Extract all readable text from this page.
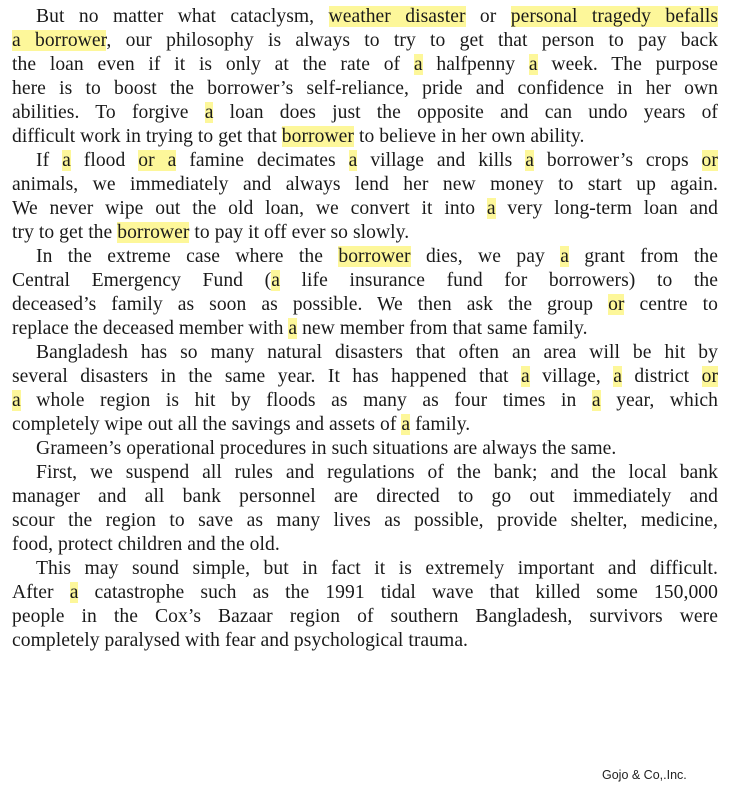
But no matter what cataclysm, weather disaster or personal tragedy befalls
a borrower, our philosophy is always to try to get that person to pay back
the loan even if it is only at the rate of a halfpenny a week. The purpose
here is to boost the borrower’s self-reliance, pride and confidence in her own
abilities. To forgive a loan does just the opposite and can undo years of
difficult work in trying to get that borrower to believe in her own ability.
If a flood or a famine decimates a village and kills a borrower’s crops or
animals, we immediately and always lend her new money to start up again.
We never wipe out the old loan, we convert it into a very long-term loan and
try to get the borrower to pay it off ever so slowly.
In the extreme case where the borrower dies, we pay a grant from the
Central Emergency Fund (a life insurance fund for borrowers) to the
deceased’s family as soon as possible. We then ask the group or centre to
replace the deceased member with a new member from that same family.
Bangladesh has so many natural disasters that often an area will be hit by
several disasters in the same year. It has happened that a village, a district or
a whole region is hit by floods as many as four times in a year, which
completely wipe out all the savings and assets of a family.
Grameen’s operational procedures in such situations are always the same.
First, we suspend all rules and regulations of the bank; and the local bank
manager and all bank personnel are directed to go out immediately and
scour the region to save as many lives as possible, provide shelter, medicine,
food, protect children and the old.
This may sound simple, but in fact it is extremely important and difficult.
After a catastrophe such as the 1991 tidal wave that killed some 150,000
people in the Cox’s Bazaar region of southern Bangladesh, survivors were
completely paralysed with fear and psychological trauma.
Gojo & Co,.Inc.
